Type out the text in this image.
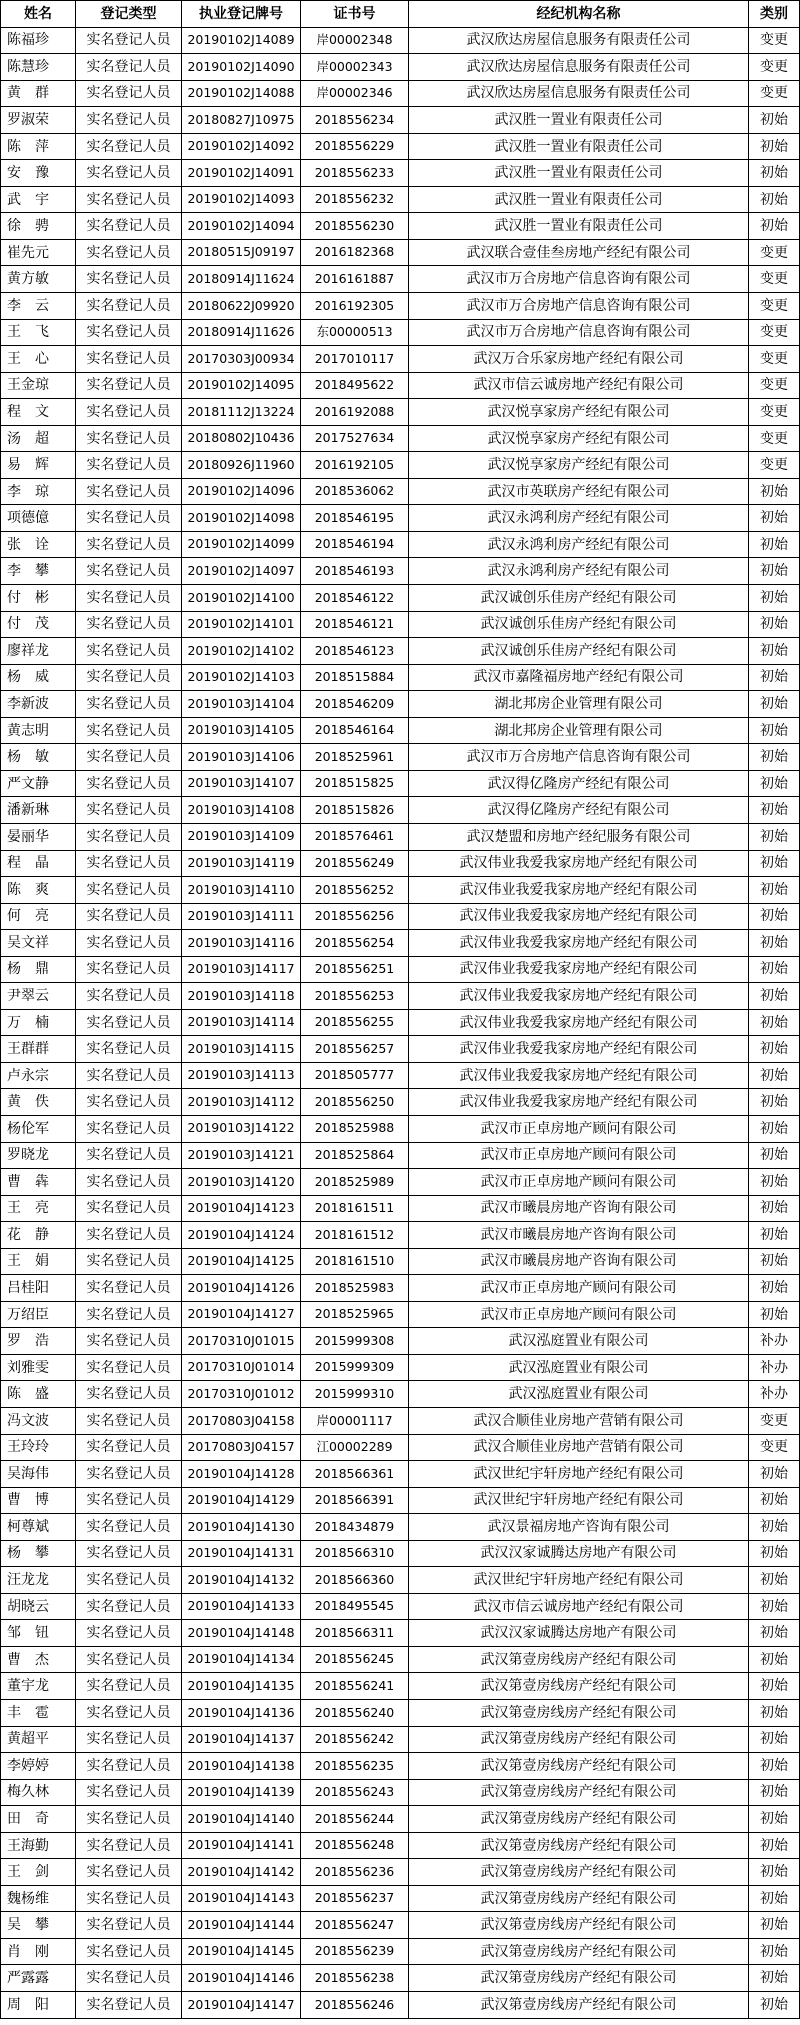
姓名	登记类型	执业登记牌号	证书号	经纪机构名称	类别
陈福珍	实名登记人员	20190102J14089	岸00002348	武汉欣达房屋信息服务有限责任公司	变更
陈慧珍	实名登记人员	20190102J14090	岸00002343	武汉欣达房屋信息服务有限责任公司	变更
黄　群	实名登记人员	20190102J14088	岸00002346	武汉欣达房屋信息服务有限责任公司	变更
罗淑荣	实名登记人员	20180827J10975	2018556234	武汉胜一置业有限责任公司	初始
陈　萍	实名登记人员	20190102J14092	2018556229	武汉胜一置业有限责任公司	初始
安　豫	实名登记人员	20190102J14091	2018556233	武汉胜一置业有限责任公司	初始
武　宇	实名登记人员	20190102J14093	2018556232	武汉胜一置业有限责任公司	初始
徐　骋	实名登记人员	20190102J14094	2018556230	武汉胜一置业有限责任公司	初始
崔先元	实名登记人员	20180515J09197	2016182368	武汉联合壹佳叁房地产经纪有限公司	变更
黄方敏	实名登记人员	20180914J11624	2016161887	武汉市万合房地产信息咨询有限公司	变更
李　云	实名登记人员	20180622J09920	2016192305	武汉市万合房地产信息咨询有限公司	变更
王　飞	实名登记人员	20180914J11626	东00000513	武汉市万合房地产信息咨询有限公司	变更
王　心	实名登记人员	20170303J00934	2017010117	武汉万合乐家房地产经纪有限公司	变更
王金琼	实名登记人员	20190102J14095	2018495622	武汉市信云诚房地产经纪有限公司	变更
程　文	实名登记人员	20181112J13224	2016192088	武汉悦享家房产经纪有限公司	变更
汤　超	实名登记人员	20180802J10436	2017527634	武汉悦享家房产经纪有限公司	变更
易　辉	实名登记人员	20180926J11960	2016192105	武汉悦享家房产经纪有限公司	变更
李　琼	实名登记人员	20190102J14096	2018536062	武汉市英联房产经纪有限公司	初始
项德億	实名登记人员	20190102J14098	2018546195	武汉永鸿利房产经纪有限公司	初始
张　诠	实名登记人员	20190102J14099	2018546194	武汉永鸿利房产经纪有限公司	初始
李　攀	实名登记人员	20190102J14097	2018546193	武汉永鸿利房产经纪有限公司	初始
付　彬	实名登记人员	20190102J14100	2018546122	武汉诚创乐佳房产经纪有限公司	初始
付　茂	实名登记人员	20190102J14101	2018546121	武汉诚创乐佳房产经纪有限公司	初始
廖祥龙	实名登记人员	20190102J14102	2018546123	武汉诚创乐佳房产经纪有限公司	初始
杨　威	实名登记人员	20190102J14103	2018515884	武汉市嘉隆福房地产经纪有限公司	初始
李新波	实名登记人员	20190103J14104	2018546209	湖北邦房企业管理有限公司	初始
黄志明	实名登记人员	20190103J14105	2018546164	湖北邦房企业管理有限公司	初始
杨　敏	实名登记人员	20190103J14106	2018525961	武汉市万合房地产信息咨询有限公司	初始
严文静	实名登记人员	20190103J14107	2018515825	武汉得亿隆房产经纪有限公司	初始
潘新琳	实名登记人员	20190103J14108	2018515826	武汉得亿隆房产经纪有限公司	初始
晏丽华	实名登记人员	20190103J14109	2018576461	武汉楚盟和房地产经纪服务有限公司	初始
程　晶	实名登记人员	20190103J14119	2018556249	武汉伟业我爱我家房地产经纪有限公司	初始
陈　爽	实名登记人员	20190103J14110	2018556252	武汉伟业我爱我家房地产经纪有限公司	初始
何　亮	实名登记人员	20190103J14111	2018556256	武汉伟业我爱我家房地产经纪有限公司	初始
吴文祥	实名登记人员	20190103J14116	2018556254	武汉伟业我爱我家房地产经纪有限公司	初始
杨　鼎	实名登记人员	20190103J14117	2018556251	武汉伟业我爱我家房地产经纪有限公司	初始
尹翠云	实名登记人员	20190103J14118	2018556253	武汉伟业我爱我家房地产经纪有限公司	初始
万　楠	实名登记人员	20190103J14114	2018556255	武汉伟业我爱我家房地产经纪有限公司	初始
王群群	实名登记人员	20190103J14115	2018556257	武汉伟业我爱我家房地产经纪有限公司	初始
卢永宗	实名登记人员	20190103J14113	2018505777	武汉伟业我爱我家房地产经纪有限公司	初始
黄　佚	实名登记人员	20190103J14112	2018556250	武汉伟业我爱我家房地产经纪有限公司	初始
杨伦军	实名登记人员	20190103J14122	2018525988	武汉市正卓房地产顾问有限公司	初始
罗晓龙	实名登记人员	20190103J14121	2018525864	武汉市正卓房地产顾问有限公司	初始
曹　犇	实名登记人员	20190103J14120	2018525989	武汉市正卓房地产顾问有限公司	初始
王　亮	实名登记人员	20190104J14123	2018161511	武汉市曦晨房地产咨询有限公司	初始
花　静	实名登记人员	20190104J14124	2018161512	武汉市曦晨房地产咨询有限公司	初始
王　娟	实名登记人员	20190104J14125	2018161510	武汉市曦晨房地产咨询有限公司	初始
吕桂阳	实名登记人员	20190104J14126	2018525983	武汉市正卓房地产顾问有限公司	初始
万绍臣	实名登记人员	20190104J14127	2018525965	武汉市正卓房地产顾问有限公司	初始
罗　浩	实名登记人员	20170310J01015	2015999308	武汉泓庭置业有限公司	补办
刘雅雯	实名登记人员	20170310J01014	2015999309	武汉泓庭置业有限公司	补办
陈　盛	实名登记人员	20170310J01012	2015999310	武汉泓庭置业有限公司	补办
冯文波	实名登记人员	20170803J04158	岸00001117	武汉合顺佳业房地产营销有限公司	变更
王玲玲	实名登记人员	20170803J04157	江00002289	武汉合顺佳业房地产营销有限公司	变更
吴海伟	实名登记人员	20190104J14128	2018566361	武汉世纪宇轩房地产经纪有限公司	初始
曹　博	实名登记人员	20190104J14129	2018566391	武汉世纪宇轩房地产经纪有限公司	初始
柯尊斌	实名登记人员	20190104J14130	2018434879	武汉景福房地产咨询有限公司	初始
杨　攀	实名登记人员	20190104J14131	2018566310	武汉汉家诚腾达房地产有限公司	初始
汪龙龙	实名登记人员	20190104J14132	2018566360	武汉世纪宇轩房地产经纪有限公司	初始
胡晓云	实名登记人员	20190104J14133	2018495545	武汉市信云诚房地产经纪有限公司	初始
邹　钮	实名登记人员	20190104J14148	2018566311	武汉汉家诚腾达房地产有限公司	初始
曹　杰	实名登记人员	20190104J14134	2018556245	武汉第壹房线房产经纪有限公司	初始
董宇龙	实名登记人员	20190104J14135	2018556241	武汉第壹房线房产经纪有限公司	初始
丰　雹	实名登记人员	20190104J14136	2018556240	武汉第壹房线房产经纪有限公司	初始
黄超平	实名登记人员	20190104J14137	2018556242	武汉第壹房线房产经纪有限公司	初始
李婷婷	实名登记人员	20190104J14138	2018556235	武汉第壹房线房产经纪有限公司	初始
梅久林	实名登记人员	20190104J14139	2018556243	武汉第壹房线房产经纪有限公司	初始
田　奇	实名登记人员	20190104J14140	2018556244	武汉第壹房线房产经纪有限公司	初始
王海勤	实名登记人员	20190104J14141	2018556248	武汉第壹房线房产经纪有限公司	初始
王　剑	实名登记人员	20190104J14142	2018556236	武汉第壹房线房产经纪有限公司	初始
魏杨维	实名登记人员	20190104J14143	2018556237	武汉第壹房线房产经纪有限公司	初始
吴　攀	实名登记人员	20190104J14144	2018556247	武汉第壹房线房产经纪有限公司	初始
肖　刚	实名登记人员	20190104J14145	2018556239	武汉第壹房线房产经纪有限公司	初始
严露露	实名登记人员	20190104J14146	2018556238	武汉第壹房线房产经纪有限公司	初始
周　阳	实名登记人员	20190104J14147	2018556246	武汉第壹房线房产经纪有限公司	初始
